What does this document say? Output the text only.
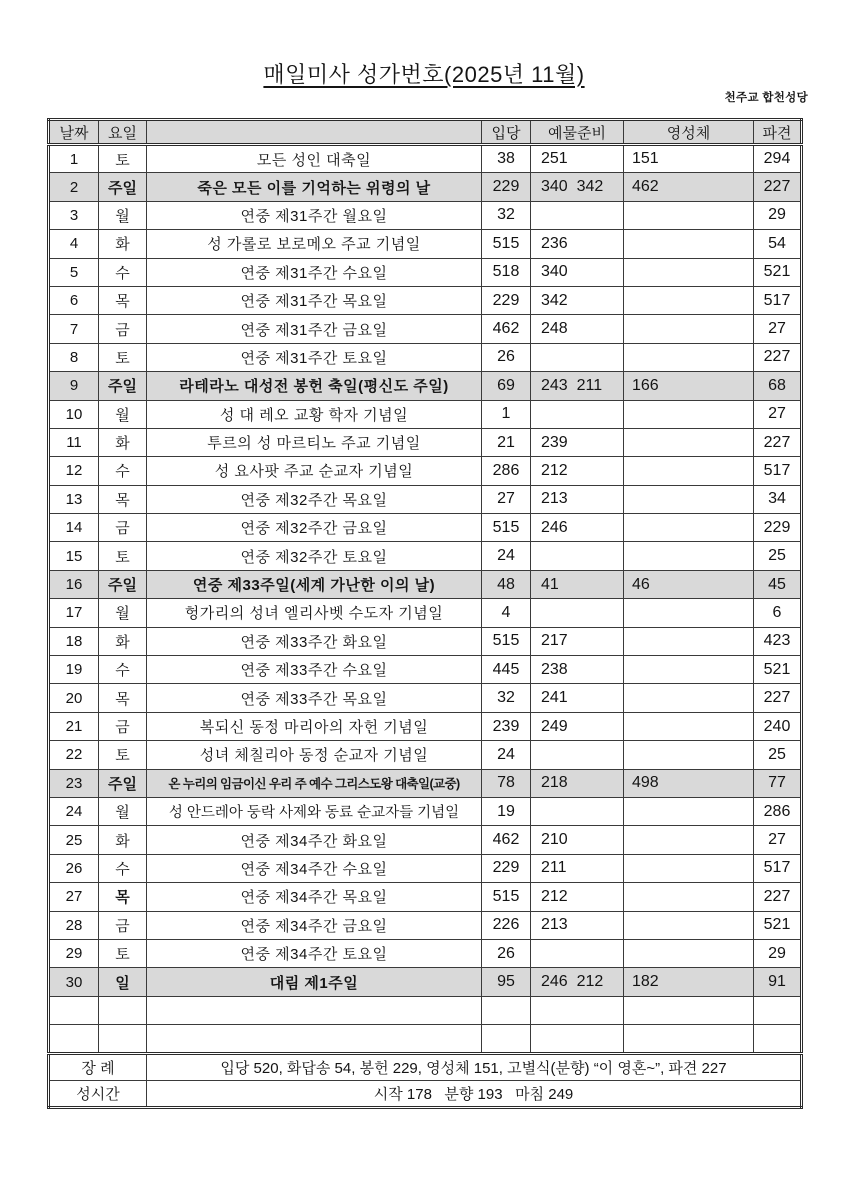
매일미사 성가번호(2025년 11월)
천주교 합천성당
날짜	요일		입당	예물준비	영성체	파견
1	토	모든 성인 대축일	38	251	151	294
2	주일	죽은 모든 이를 기억하는 위령의 날	229	340  342	462	227
3	월	연중 제31주간 월요일	32			29
4	화	성 가롤로 보로메오 주교 기념일	515	236		54
5	수	연중 제31주간 수요일	518	340		521
6	목	연중 제31주간 목요일	229	342		517
7	금	연중 제31주간 금요일	462	248		27
8	토	연중 제31주간 토요일	26			227
9	주일	라테라노 대성전 봉헌 축일(평신도 주일)	69	243  211	166	68
10	월	성 대 레오 교황 학자 기념일	1			27
11	화	투르의 성 마르티노 주교 기념일	21	239		227
12	수	성 요사팟 주교 순교자 기념일	286	212		517
13	목	연중 제32주간 목요일	27	213		34
14	금	연중 제32주간 금요일	515	246		229
15	토	연중 제32주간 토요일	24			25
16	주일	연중 제33주일(세계 가난한 이의 날)	48	41	46	45
17	월	헝가리의 성녀 엘리사벳 수도자 기념일	4			6
18	화	연중 제33주간 화요일	515	217		423
19	수	연중 제33주간 수요일	445	238		521
20	목	연중 제33주간 목요일	32	241		227
21	금	복되신 동정 마리아의 자헌 기념일	239	249		240
22	토	성녀 체칠리아 동정 순교자 기념일	24			25
23	주일	온 누리의 임금이신 우리 주 예수 그리스도왕 대축일(교중)	78	218	498	77
24	월	성 안드레아 둥락 사제와 동료 순교자들 기념일	19			286
25	화	연중 제34주간 화요일	462	210		27
26	수	연중 제34주간 수요일	229	211		517
27	목	연중 제34주간 목요일	515	212		227
28	금	연중 제34주간 금요일	226	213		521
29	토	연중 제34주간 토요일	26			29
30	일	대림 제1주일	95	246  212	182	91

장 례		입당 520, 화답송 54, 봉헌 229, 영성체 151, 고별식(분향) “이 영혼~”, 파견 227				
성시간		시작 178   분향 193   마침 249				
